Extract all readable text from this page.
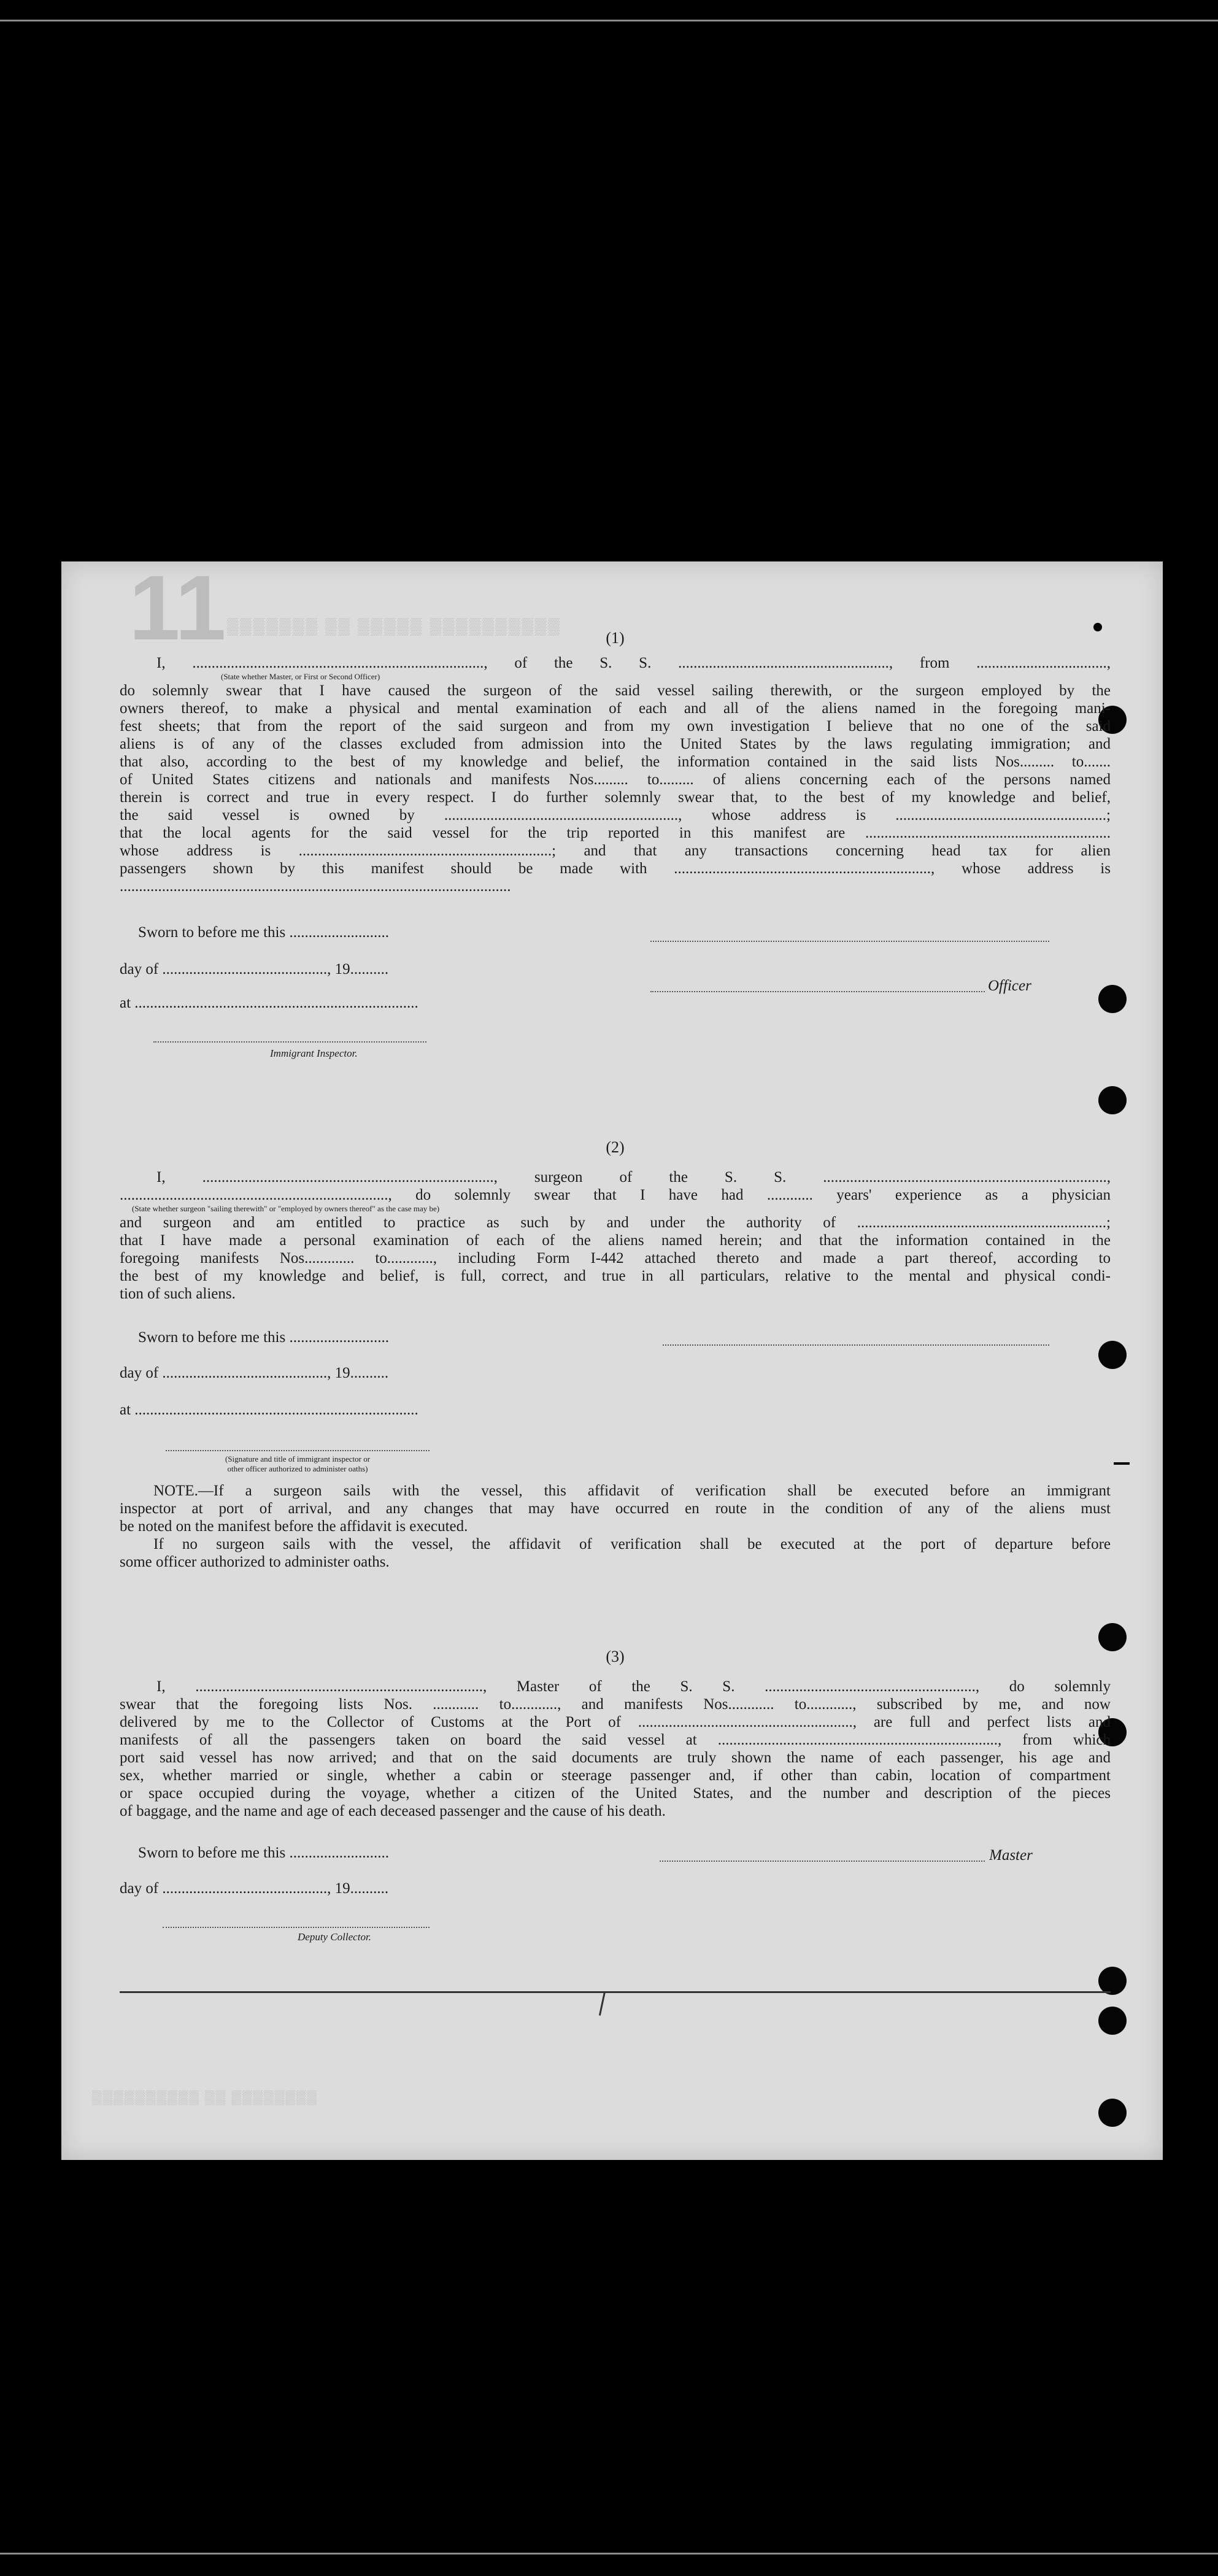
11 ▒▒▒▒▒▒▒ ▒▒ ▒▒▒▒▒ ▒▒▒▒▒▒▒▒▒▒
▒▒▒▒▒▒▒▒▒▒ ▒▒ ▒▒▒▒▒▒▒▒
(1)
I, ............................................................................, of the S. S. ......................................................., from ..................................,
(State whether Master, or First or Second Officer)
do solemnly swear that I have caused the surgeon of the said vessel sailing therewith, or the surgeon employed by the
owners thereof, to make a physical and mental examination of each and all of the aliens named in the foregoing mani-
fest sheets; that from the report of the said surgeon and from my own investigation I believe that no one of the said
aliens is of any of the classes excluded from admission into the United States by the laws regulating immigration; and
that also, according to the best of my knowledge and belief, the information contained in the said lists Nos......... to.......
of United States citizens and nationals and manifests Nos......... to......... of aliens concerning each of the persons named
therein is correct and true in every respect. I do further solemnly swear that, to the best of my knowledge and belief,
the said vessel is owned by ............................................................., whose address is .......................................................;
that the local agents for the said vessel for the trip reported in this manifest are ................................................................
whose address is ..................................................................; and that any transactions concerning head tax for alien
passengers shown by this manifest should be made with ..................................................................., whose address is
......................................................................................................
Sworn to before me this ..........................
day of ..........................................., 19..........
Officer
at ..........................................................................
Immigrant Inspector.
(2)
I, ............................................................................, surgeon of the S. S. ..........................................................................,
......................................................................, do solemnly swear that I have had ............ years' experience as a physician
(State whether surgeon "sailing therewith" or "employed by owners thereof" as the case may be)
and surgeon and am entitled to practice as such by and under the authority of .................................................................;
that I have made a personal examination of each of the aliens named herein; and that the information contained in the
foregoing manifests Nos............. to............, including Form I-442 attached thereto and made a part thereof, according to
the best of my knowledge and belief, is full, correct, and true in all particulars, relative to the mental and physical condi-
tion of such aliens.
Sworn to before me this ..........................
day of ..........................................., 19..........
at ..........................................................................
(Signature and title of immigrant inspector or
other officer authorized to administer oaths)
NOTE.—If a surgeon sails with the vessel, this affidavit of verification shall be executed before an immigrant
inspector at port of arrival, and any changes that may have occurred en route in the condition of any of the aliens must
be noted on the manifest before the affidavit is executed.
If no surgeon sails with the vessel, the affidavit of verification shall be executed at the port of departure before
some officer authorized to administer oaths.
(3)
I, ..........................................................................., Master of the S. S. ......................................................., do solemnly
swear that the foregoing lists Nos. ............ to............, and manifests Nos............ to............, subscribed by me, and now
delivered by me to the Collector of Customs at the Port of ........................................................, are full and perfect lists and
manifests of all the passengers taken on board the said vessel at ........................................................................., from which
port said vessel has now arrived; and that on the said documents are truly shown the name of each passenger, his age and
sex, whether married or single, whether a cabin or steerage passenger and, if other than cabin, location of compartment
or space occupied during the voyage, whether a citizen of the United States, and the number and description of the pieces
of baggage, and the name and age of each deceased passenger and the cause of his death.
Sworn to before me this ..........................	Master
day of ..........................................., 19..........
Deputy Collector.
